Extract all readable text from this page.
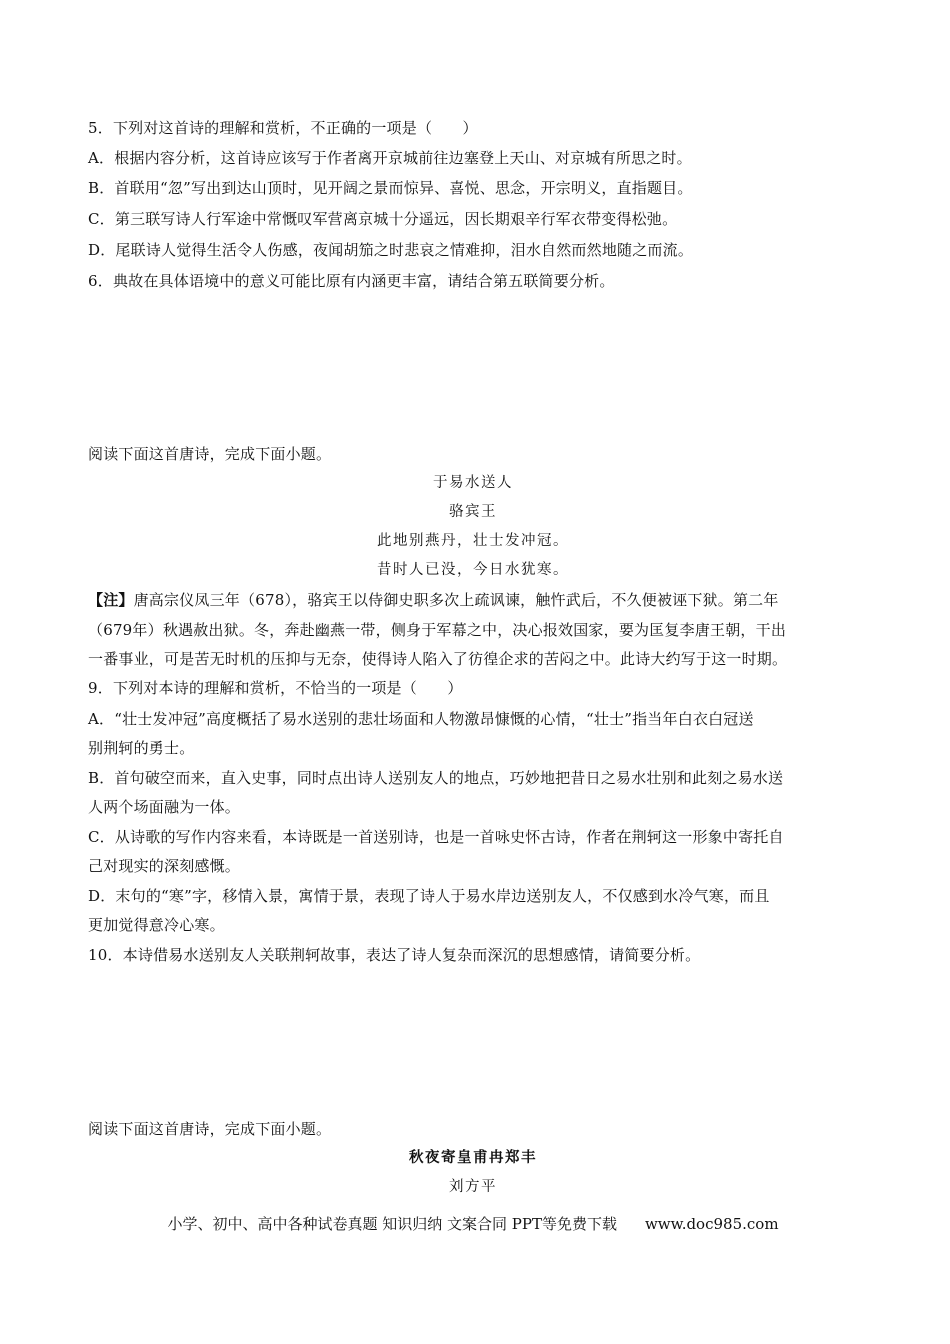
5．下列对这首诗的理解和赏析，不正确的一项是（　　）
A．根据内容分析，这首诗应该写于作者离开京城前往边塞登上天山、对京城有所思之时。
B．首联用“忽”写出到达山顶时，见开阔之景而惊异、喜悦、思念，开宗明义，直指题目。
C．第三联写诗人行军途中常慨叹军营离京城十分遥远，因长期艰辛行军衣带变得松弛。
D．尾联诗人觉得生活令人伤感，夜闻胡笳之时悲哀之情难抑，泪水自然而然地随之而流。
6．典故在具体语境中的意义可能比原有内涵更丰富，请结合第五联简要分析。
阅读下面这首唐诗，完成下面小题。
于易水送人
骆宾王
此地别燕丹，壮士发冲冠。
昔时人已没，今日水犹寒。
【注】唐高宗仪凤三年（678），骆宾王以侍御史职多次上疏讽谏，触忤武后，不久便被诬下狱。第二年
（679年）秋遇赦出狱。冬，奔赴幽燕一带，侧身于军幕之中，决心报效国家，要为匡复李唐王朝，干出
一番事业，可是苦无时机的压抑与无奈，使得诗人陷入了彷徨企求的苦闷之中。此诗大约写于这一时期。
9．下列对本诗的理解和赏析，不恰当的一项是（　　）
A．“壮士发冲冠”高度概括了易水送别的悲壮场面和人物激昂慷慨的心情，“壮士”指当年白衣白冠送
别荆轲的勇士。
B．首句破空而来，直入史事，同时点出诗人送别友人的地点，巧妙地把昔日之易水壮别和此刻之易水送
人两个场面融为一体。
C．从诗歌的写作内容来看，本诗既是一首送别诗，也是一首咏史怀古诗，作者在荆轲这一形象中寄托自
己对现实的深刻感慨。
D．末句的“寒”字，移情入景，寓情于景，表现了诗人于易水岸边送别友人，不仅感到水冷气寒，而且
更加觉得意冷心寒。
10．本诗借易水送别友人关联荆轲故事，表达了诗人复杂而深沉的思想感情，请简要分析。
阅读下面这首唐诗，完成下面小题。
秋夜寄皇甫冉郑丰
刘方平
小学、初中、高中各种试卷真题 知识归纳 文案合同 PPT等免费下载 www.doc985.com
